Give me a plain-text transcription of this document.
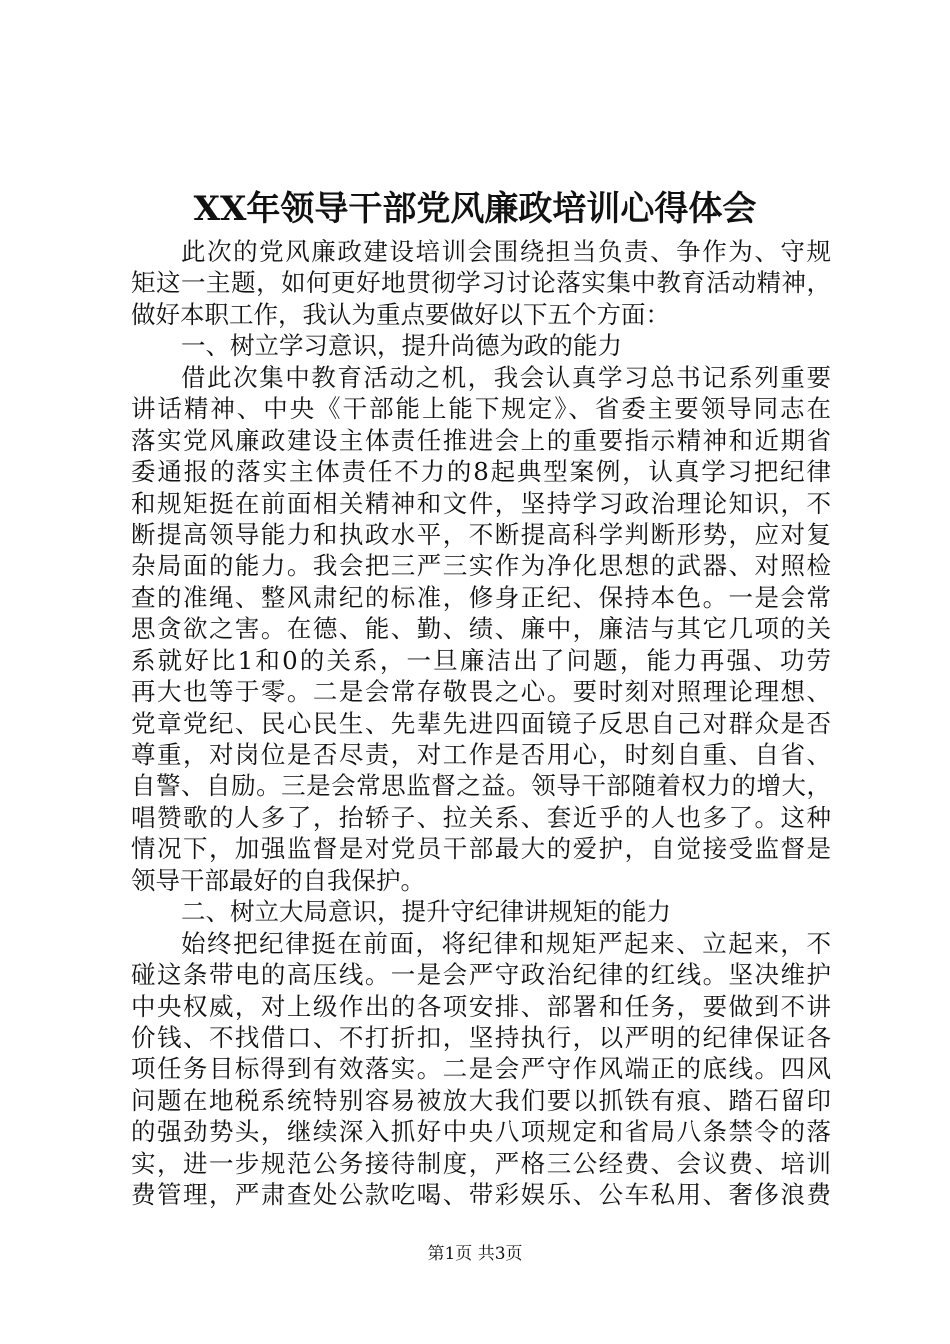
XX年领导干部党风廉政培训心得体会
此次的党风廉政建设培训会围绕担当负责、争作为、守规
矩这一主题，如何更好地贯彻学习讨论落实集中教育活动精神，
做好本职工作，我认为重点要做好以下五个方面：
一、树立学习意识，提升尚德为政的能力
借此次集中教育活动之机，我会认真学习总书记系列重要
讲话精神、中央《干部能上能下规定》、省委主要领导同志在
落实党风廉政建设主体责任推进会上的重要指示精神和近期省
委通报的落实主体责任不力的8起典型案例，认真学习把纪律
和规矩挺在前面相关精神和文件，坚持学习政治理论知识，不
断提高领导能力和执政水平，不断提高科学判断形势，应对复
杂局面的能力。我会把三严三实作为净化思想的武器、对照检
查的准绳、整风肃纪的标准，修身正纪、保持本色。一是会常
思贪欲之害。在德、能、勤、绩、廉中，廉洁与其它几项的关
系就好比1和0的关系，一旦廉洁出了问题，能力再强、功劳
再大也等于零。二是会常存敬畏之心。要时刻对照理论理想、
党章党纪、民心民生、先辈先进四面镜子反思自己对群众是否
尊重，对岗位是否尽责，对工作是否用心，时刻自重、自省、
自警、自励。三是会常思监督之益。领导干部随着权力的增大，
唱赞歌的人多了，抬轿子、拉关系、套近乎的人也多了。这种
情况下，加强监督是对党员干部最大的爱护，自觉接受监督是
领导干部最好的自我保护。
二、树立大局意识，提升守纪律讲规矩的能力
始终把纪律挺在前面，将纪律和规矩严起来、立起来，不
碰这条带电的高压线。一是会严守政治纪律的红线。坚决维护
中央权威，对上级作出的各项安排、部署和任务，要做到不讲
价钱、不找借口、不打折扣，坚持执行，以严明的纪律保证各
项任务目标得到有效落实。二是会严守作风端正的底线。四风
问题在地税系统特别容易被放大我们要以抓铁有痕、踏石留印
的强劲势头，继续深入抓好中央八项规定和省局八条禁令的落
实，进一步规范公务接待制度，严格三公经费、会议费、培训
费管理，严肃查处公款吃喝、带彩娱乐、公车私用、奢侈浪费
第1页 共3页
